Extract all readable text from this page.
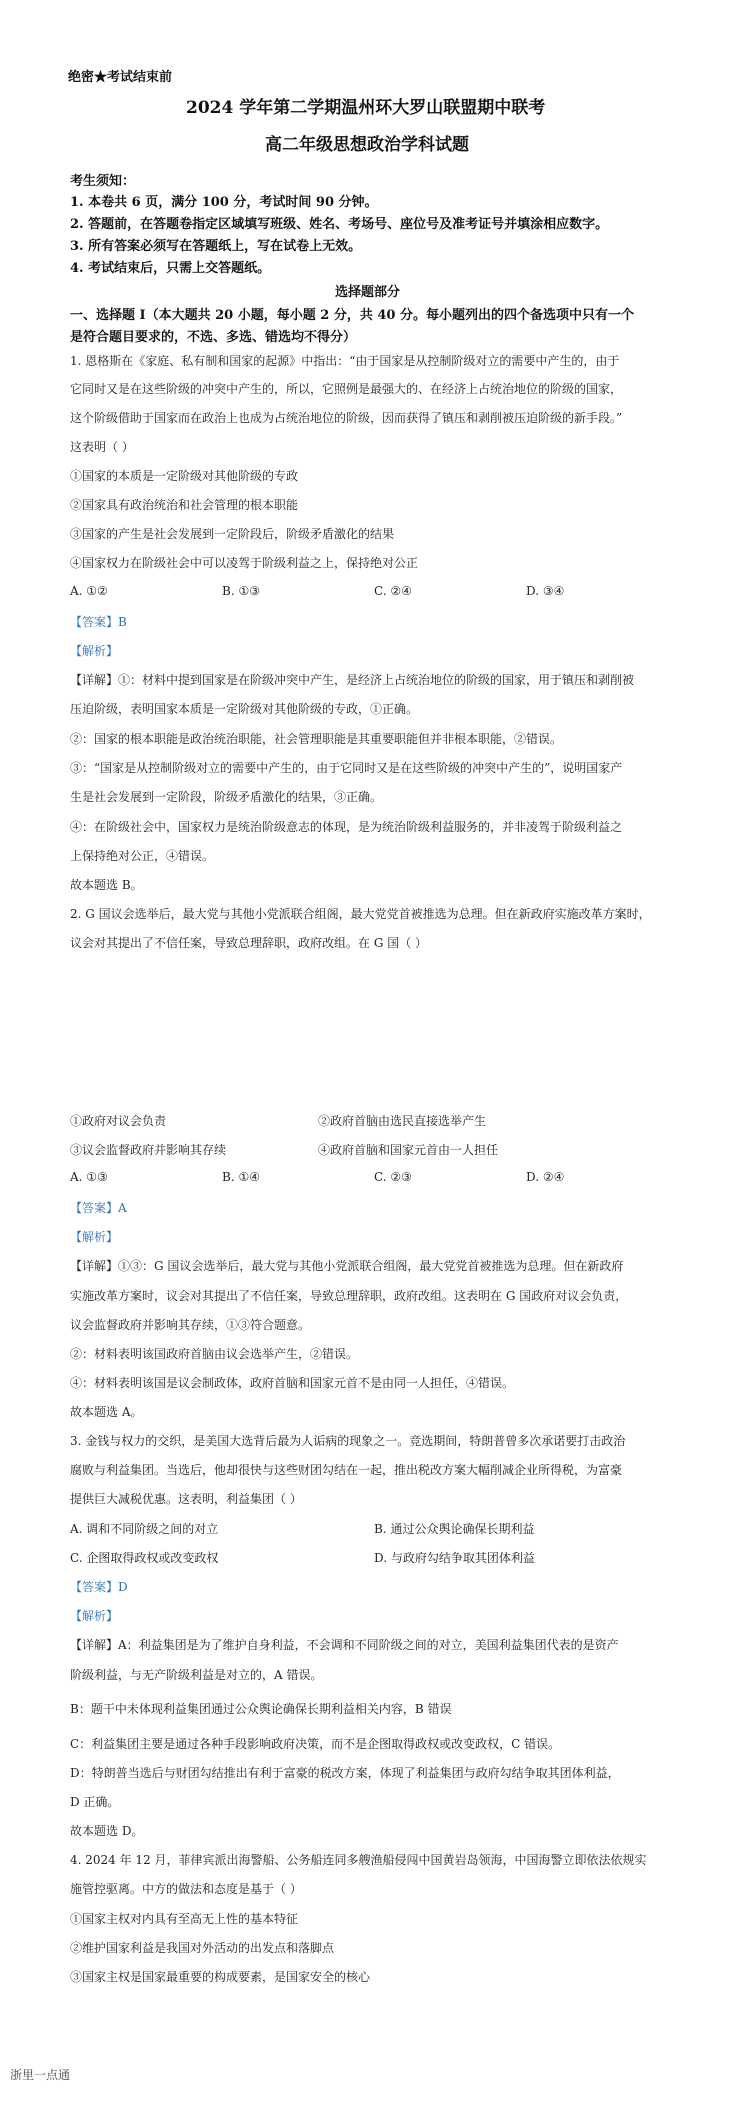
绝密★考试结束前
2024 学年第二学期温州环大罗山联盟期中联考
高二年级思想政治学科试题
考生须知：
1. 本卷共 6 页，满分 100 分，考试时间 90 分钟。
2. 答题前，在答题卷指定区域填写班级、姓名、考场号、座位号及准考证号并填涂相应数字。
3. 所有答案必须写在答题纸上，写在试卷上无效。
4. 考试结束后，只需上交答题纸。
选择题部分
一、选择题 I（本大题共 20 小题，每小题 2 分，共 40 分。每小题列出的四个备选项中只有一个
是符合题目要求的，不选、多选、错选均不得分）
1. 恩格斯在《家庭、私有制和国家的起源》中指出：“由于国家是从控制阶级对立的需要中产生的，由于
它同时又是在这些阶级的冲突中产生的，所以，它照例是最强大的、在经济上占统治地位的阶级的国家，
这个阶级借助于国家而在政治上也成为占统治地位的阶级，因而获得了镇压和剥削被压迫阶级的新手段。”
这表明（ ）
①国家的本质是一定阶级对其他阶级的专政
②国家具有政治统治和社会管理的根本职能
③国家的产生是社会发展到一定阶段后，阶级矛盾激化的结果
④国家权力在阶级社会中可以凌驾于阶级利益之上，保持绝对公正
A. ①②	B. ①③	C. ②④	D. ③④
【答案】B
【解析】
【详解】①：材料中提到国家是在阶级冲突中产生，是经济上占统治地位的阶级的国家，用于镇压和剥削被
压迫阶级，表明国家本质是一定阶级对其他阶级的专政，①正确。
②：国家的根本职能是政治统治职能，社会管理职能是其重要职能但并非根本职能，②错误。
③：“国家是从控制阶级对立的需要中产生的，由于它同时又是在这些阶级的冲突中产生的”，说明国家产
生是社会发展到一定阶段，阶级矛盾激化的结果，③正确。
④：在阶级社会中，国家权力是统治阶级意志的体现，是为统治阶级利益服务的，并非凌驾于阶级利益之
上保持绝对公正，④错误。
故本题选 B。
2. G 国议会选举后，最大党与其他小党派联合组阁，最大党党首被推选为总理。但在新政府实施改革方案时，
议会对其提出了不信任案，导致总理辞职，政府改组。在 G 国（ ）
①政府对议会负责	②政府首脑由选民直接选举产生
③议会监督政府并影响其存续	④政府首脑和国家元首由一人担任
A. ①③	B. ①④	C. ②③	D. ②④
【答案】A
【解析】
【详解】①③：G 国议会选举后，最大党与其他小党派联合组阁，最大党党首被推选为总理。但在新政府
实施改革方案时，议会对其提出了不信任案，导致总理辞职，政府改组。这表明在 G 国政府对议会负责，
议会监督政府并影响其存续，①③符合题意。
②：材料表明该国政府首脑由议会选举产生，②错误。
④：材料表明该国是议会制政体，政府首脑和国家元首不是由同一人担任，④错误。
故本题选 A。
3. 金钱与权力的交织，是美国大选背后最为人诟病的现象之一。竞选期间，特朗普曾多次承诺要打击政治
腐败与利益集团。当选后，他却很快与这些财团勾结在一起，推出税改方案大幅削减企业所得税，为富豪
提供巨大减税优惠。这表明，利益集团（ ）
A. 调和不同阶级之间的对立	B. 通过公众舆论确保长期利益
C. 企图取得政权或改变政权	D. 与政府勾结争取其团体利益
【答案】D
【解析】
【详解】A：利益集团是为了维护自身利益，不会调和不同阶级之间的对立，美国利益集团代表的是资产
阶级利益，与无产阶级利益是对立的，A 错误。
B：题干中未体现利益集团通过公众舆论确保长期利益相关内容，B 错误
C：利益集团主要是通过各种手段影响政府决策，而不是企图取得政权或改变政权，C 错误。
D：特朗普当选后与财团勾结推出有利于富豪的税改方案，体现了利益集团与政府勾结争取其团体利益，
D 正确。
故本题选 D。
4. 2024 年 12 月，菲律宾派出海警船、公务船连同多艘渔船侵闯中国黄岩岛领海，中国海警立即依法依规实
施管控驱离。中方的做法和态度是基于（ ）
①国家主权对内具有至高无上性的基本特征
②维护国家利益是我国对外活动的出发点和落脚点
③国家主权是国家最重要的构成要素，是国家安全的核心
浙里一点通
